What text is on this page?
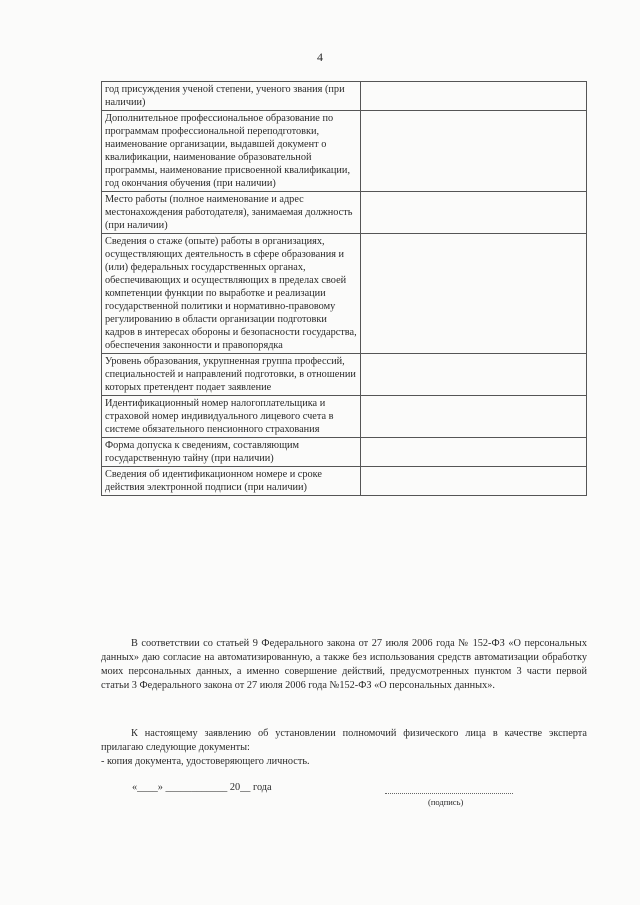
4
год присуждения ученой степени, ученого звания (при наличии)	
Дополнительное профессиональное образование по программам профессиональной переподготовки, наименование организации, выдавшей документ о квалификации, наименование образовательной программы, наименование присвоенной квалификации, год окончания обучения (при наличии)	
Место работы (полное наименование и адрес местонахождения работодателя), занимаемая должность (при наличии)	
Сведения о стаже (опыте) работы в организациях, осуществляющих деятельность в сфере образования и (или) федеральных государственных органах, обеспечивающих и осуществляющих в пределах своей компетенции функции по выработке и реализации государственной политики и нормативно-правовому регулированию в области организации подготовки кадров в интересах обороны и безопасности государства, обеспечения законности и правопорядка	
Уровень образования, укрупненная группа профессий, специальностей и направлений подготовки, в отношении которых претендент подает заявление	
Идентификационный номер налогоплательщика и страховой номер индивидуального лицевого счета в системе обязательного пенсионного страхования	
Форма допуска к сведениям, составляющим государственную тайну (при наличии)	
Сведения об идентификационном номере и сроке действия электронной подписи (при наличии)	
В соответствии со статьей 9 Федерального закона от 27 июля 2006 года № 152-ФЗ «О персональных данных» даю согласие на автоматизированную, а также без использования средств автоматизации обработку моих персональных данных, а именно совершение действий, предусмотренных пунктом 3 части первой статьи 3 Федерального закона от 27 июля 2006 года №152-ФЗ «О персональных данных».
К настоящему заявлению об установлении полномочий физического лица в качестве эксперта прилагаю следующие документы:
- копия документа, удостоверяющего личность.
«____» ____________ 20__ года
(подпись)
